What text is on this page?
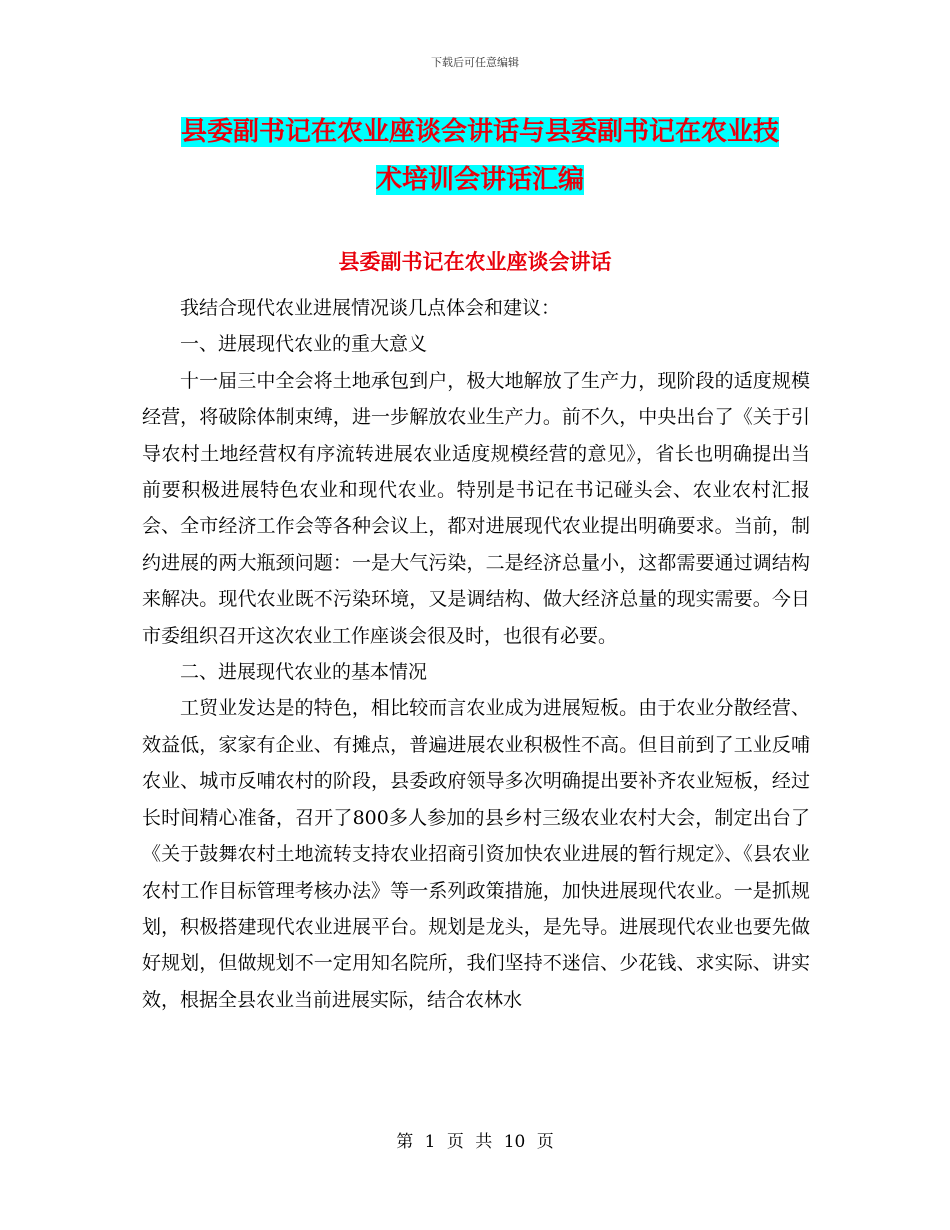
下载后可任意编辑
县委副书记在农业座谈会讲话与县委副书记在农业技
术培训会讲话汇编
县委副书记在农业座谈会讲话

我结合现代农业进展情况谈几点体会和建议：

一、进展现代农业的重大意义

十一届三中全会将土地承包到户，极大地解放了生产力，现阶段的适度规模经营，将破除体制束缚，进一步解放农业生产力。前不久，中央出台了《关于引导农村土地经营权有序流转进展农业适度规模经营的意见》，省长也明确提出当前要积极进展特色农业和现代农业。特别是书记在书记碰头会、农业农村汇报会、全市经济工作会等各种会议上，都对进展现代农业提出明确要求。当前，制约进展的两大瓶颈问题：一是大气污染，二是经济总量小，这都需要通过调结构来解决。现代农业既不污染环境，又是调结构、做大经济总量的现实需要。今日市委组织召开这次农业工作座谈会很及时，也很有必要。

二、进展现代农业的基本情况

工贸业发达是的特色，相比较而言农业成为进展短板。由于农业分散经营、效益低，家家有企业、有摊点，普遍进展农业积极性不高。但目前到了工业反哺农业、城市反哺农村的阶段，县委政府领导多次明确提出要补齐农业短板，经过长时间精心准备，召开了800多人参加的县乡村三级农业农村大会，制定出台了《关于鼓舞农村土地流转支持农业招商引资加快农业进展的暂行规定》、《县农业农村工作目标管理考核办法》等一系列政策措施，加快进展现代农业。一是抓规划，积极搭建现代农业进展平台。规划是龙头，是先导。进展现代农业也要先做好规划，但做规划不一定用知名院所，我们坚持不迷信、少花钱、求实际、讲实效，根据全县农业当前进展实际，结合农林水

第 1 页 共 10 页
